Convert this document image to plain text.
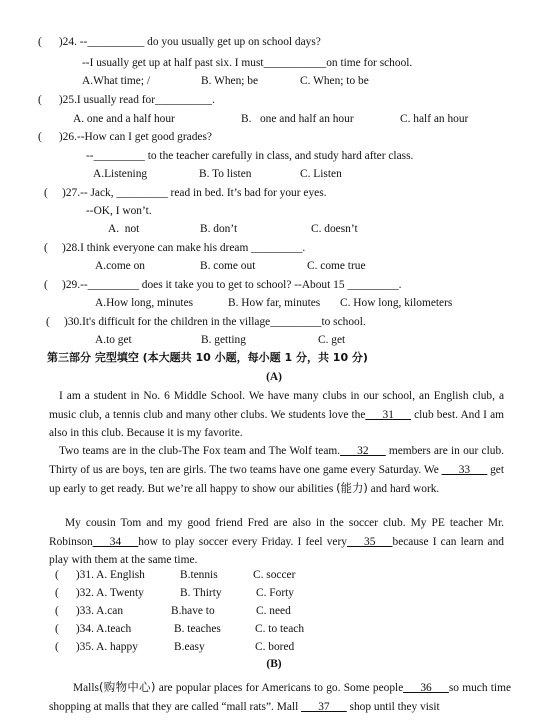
(      )24. --__________ do you usually get up on school days?
--I usually get up at half past six. I must___________on time for school.
A.What time; /	B. When; be	C. When; to be
(      )25.I usually read for__________.
A. one and a half hour	B.   one and half an hour	C. half an hour
(      )26.--How can I get good grades?
--_________ to the teacher carefully in class, and study hard after class.
A.Listening	B. To listen	C. Listen
(     )27.-- Jack, _________ read in bed. It’s bad for your eyes.
--OK, I won’t.
A.  not	B. don’t	C. doesn’t
(     )28.I think everyone can make his dream _________.
A.come on	B. come out	C. come true
(     )29.--_________ does it take you to get to school? --About 15 _________.
A.How long, minutes	B. How far, minutes C. How long, kilometers
(     )30.It's difficult for the children in the village_________to school.
A.to get	B. getting	C. get
第三部分 完型填空 (本大题共 10 小题，每小题 1 分，共 10 分)
(A)
I am a student in No. 6 Middle School. We have many clubs in our school, an English club, a music club, a tennis club and many other clubs. We students love the___31___ club best. And I am also in this club. Because it is my favorite.
Two teams are in the club-The Fox team and The Wolf team.___32___ members are in our club. Thirty of us are boys, ten are girls. The two teams have one game every Saturday. We ___33___ get up early to get ready. But we’re all happy to show our abilities (能力) and hard work.
My cousin Tom and my good friend Fred are also in the soccer club. My PE teacher Mr. Robinson___34___how to play soccer every Friday. I feel very___35___because I can learn and play with them at the same time.
(      )31. A. English	B.tennis	C. soccer
(      )32. A. Twenty	B. Thirty	C. Forty
(      )33. A.can	B.have to	C. need
(      )34. A.teach	B. teaches	C. to teach
(      )35. A. happy	B.easy	C. bored
(B)
Malls(购物中心) are popular places for Americans to go. Some people___36___so much time shopping at malls that they are called “mall rats”. Mall ___37___ shop until they visit
